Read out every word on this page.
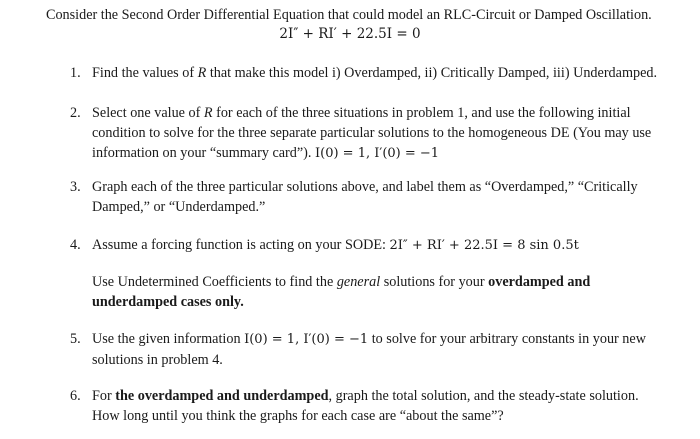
Consider the Second Order Differential Equation that could model an RLC-Circuit or Damped Oscillation.
2I″ + RI′ + 22.5I = 0
1. Find the values of R that make this model i) Overdamped, ii) Critically Damped, iii) Underdamped.
2. Select one value of R for each of the three situations in problem 1, and use the following initial
condition to solve for the three separate particular solutions to the homogeneous DE (You may use
information on your “summary card”). I(0) = 1, I′(0) = −1
3. Graph each of the three particular solutions above, and label them as “Overdamped,” “Critically
Damped,” or “Underdamped.”
4. Assume a forcing function is acting on your SODE: 2I″ + RI′ + 22.5I = 8 sin 0.5t
Use Undetermined Coefficients to find the general solutions for your overdamped and
underdamped cases only.
5. Use the given information I(0) = 1, I′(0) = −1 to solve for your arbitrary constants in your new
solutions in problem 4.
6. For the overdamped and underdamped, graph the total solution, and the steady-state solution.
How long until you think the graphs for each case are “about the same”?
